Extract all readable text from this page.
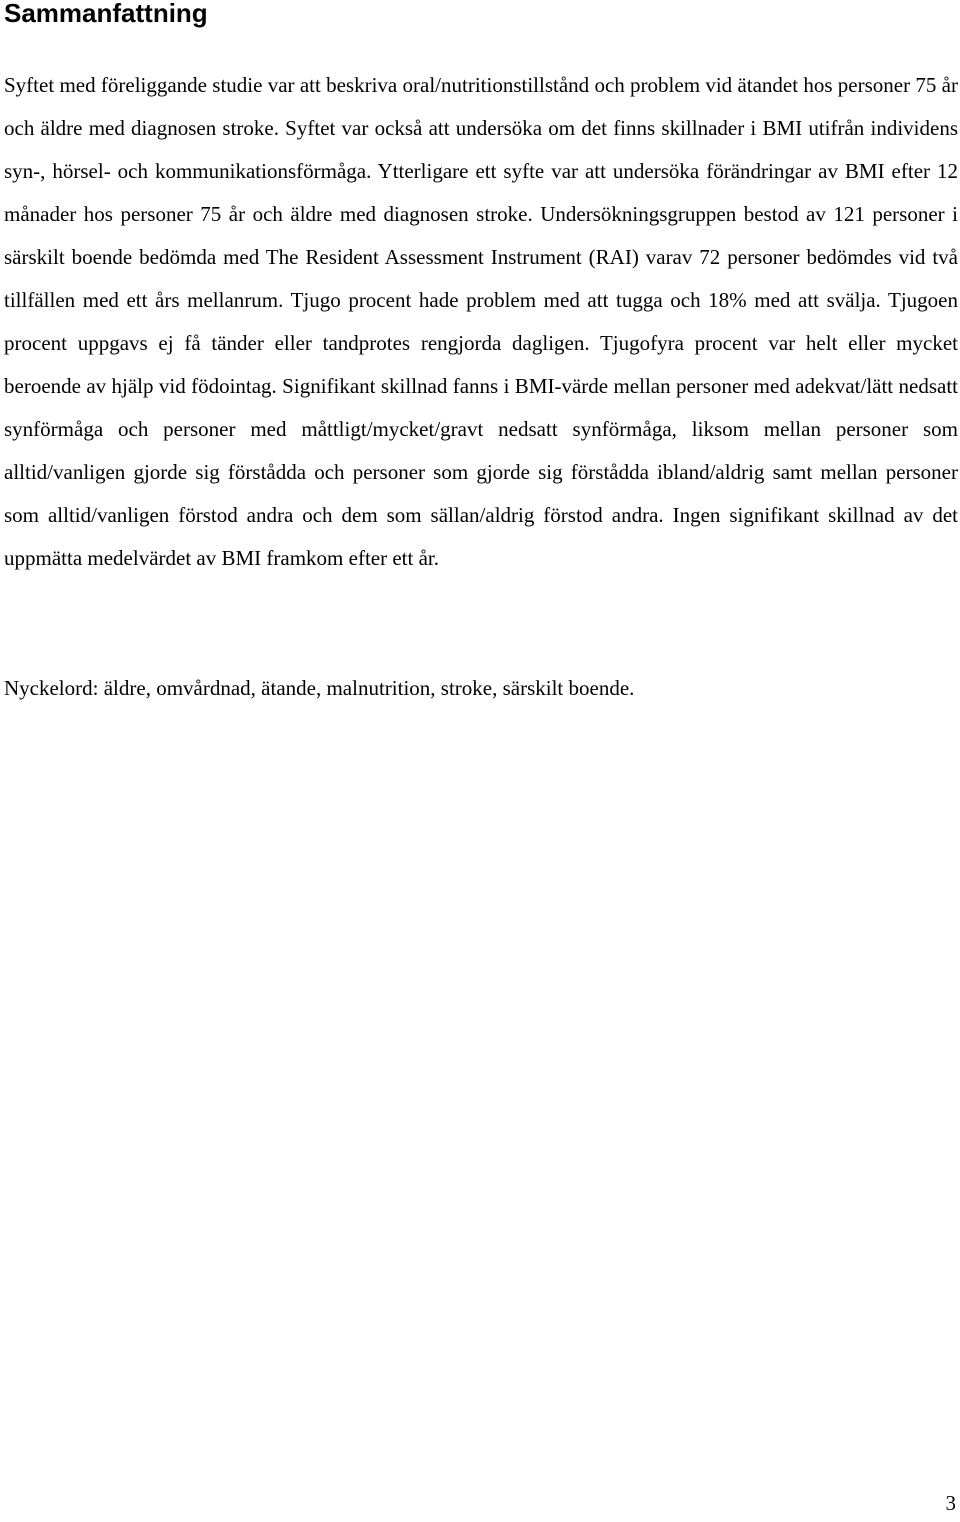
Sammanfattning

Syftet med föreliggande studie var att beskriva oral/nutritionstillstånd och problem vid ätandet hos personer 75 år och äldre med diagnosen stroke. Syftet var också att undersöka om det finns skillnader i BMI utifrån individens syn-, hörsel- och kommunikationsförmåga. Ytterligare ett syfte var att undersöka förändringar av BMI efter 12 månader hos personer 75 år och äldre med diagnosen stroke. Undersökningsgruppen bestod av 121 personer i särskilt boende bedömda med The Resident Assessment Instrument (RAI) varav 72 personer bedömdes vid två tillfällen med ett års mellanrum. Tjugo procent hade problem med att tugga och 18% med att svälja. Tjugoen procent uppgavs ej få tänder eller tandprotes rengjorda dagligen. Tjugofyra procent var helt eller mycket beroende av hjälp vid födointag. Signifikant skillnad fanns i BMI-värde mellan personer med adekvat/lätt nedsatt synförmåga och personer med måttligt/mycket/gravt nedsatt synförmåga, liksom mellan personer som alltid/vanligen gjorde sig förstådda och personer som gjorde sig förstådda ibland/aldrig samt mellan personer som alltid/vanligen förstod andra och dem som sällan/aldrig förstod andra. Ingen signifikant skillnad av det uppmätta medelvärdet av BMI framkom efter ett år.

Nyckelord: äldre, omvårdnad, ätande, malnutrition, stroke, särskilt boende.

3
